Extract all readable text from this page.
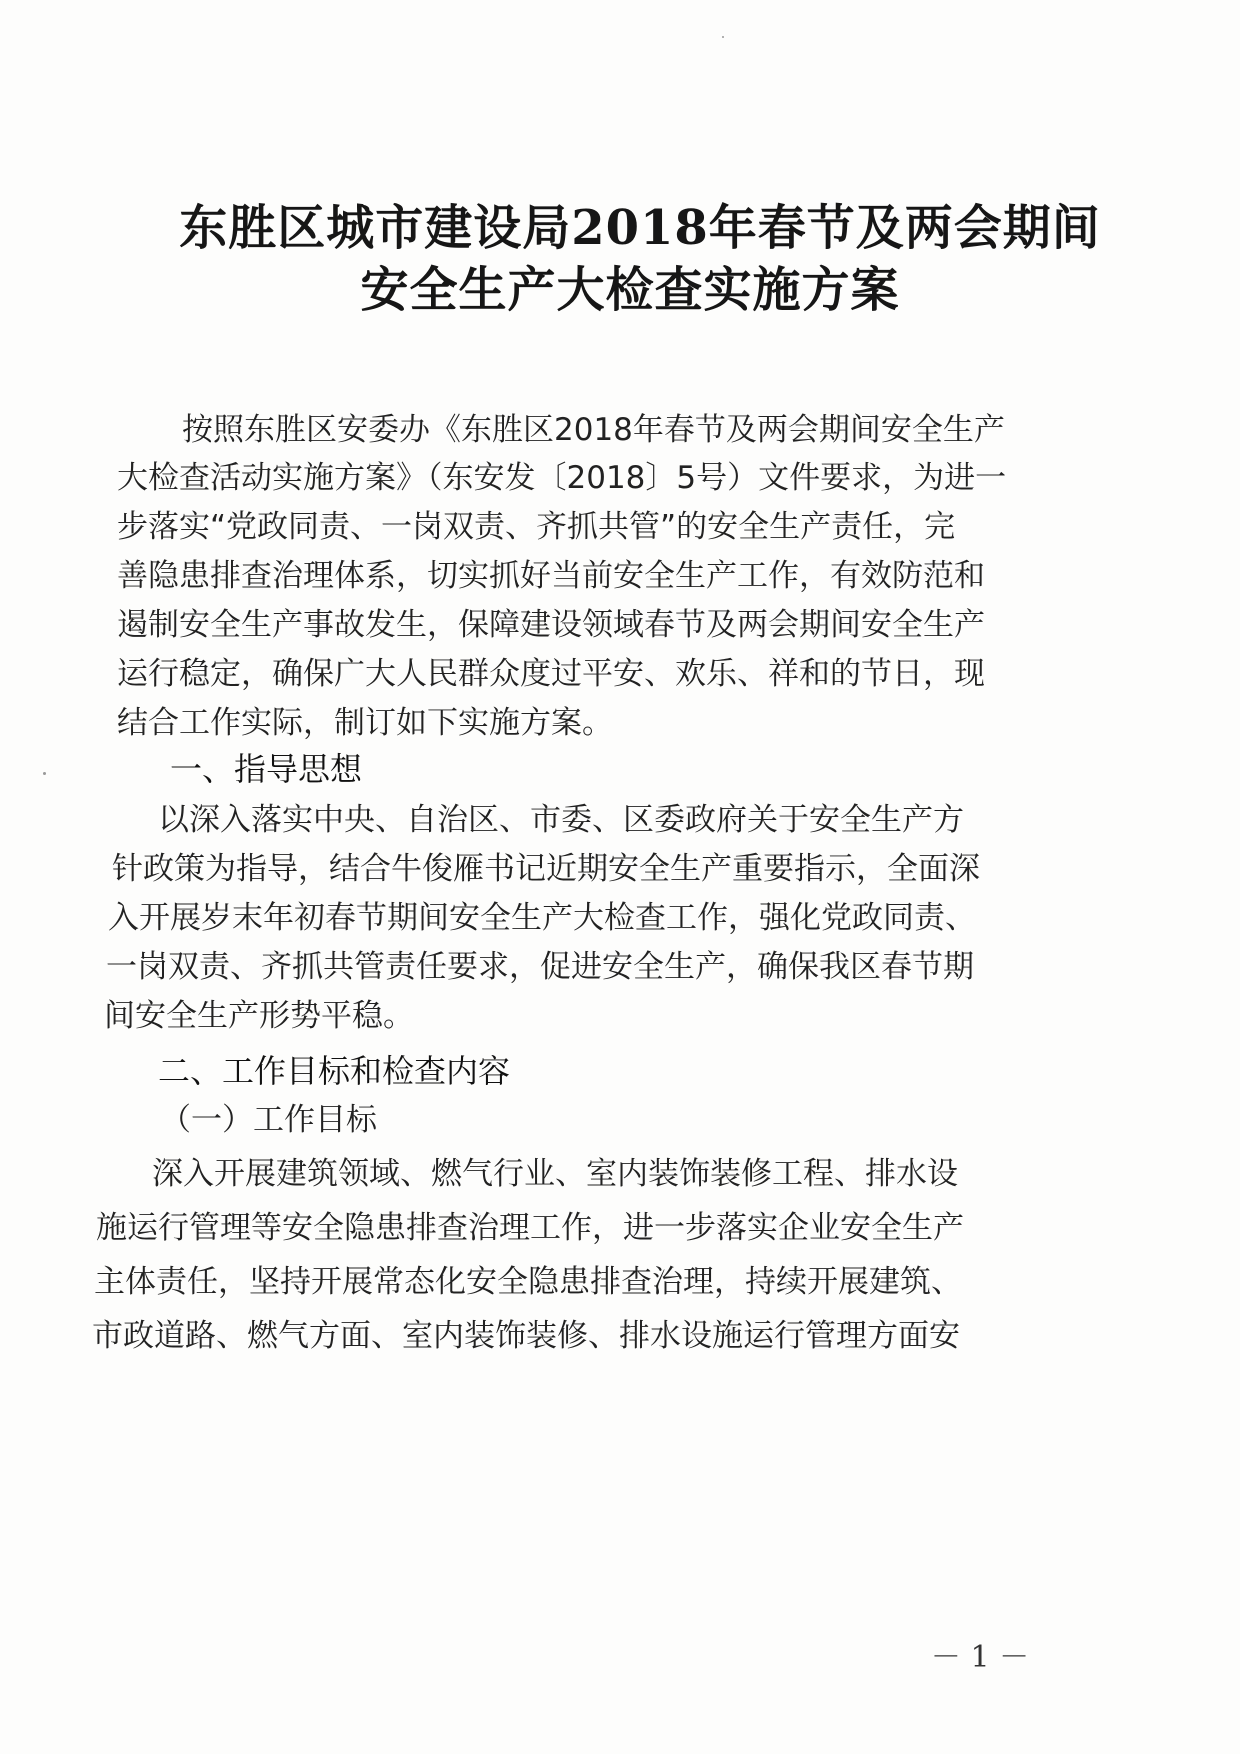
东胜区城市建设局2018年春节及两会期间
安全生产大检查实施方案
按照东胜区安委办《东胜区2018年春节及两会期间安全生产
大检查活动实施方案》（东安发〔2018〕5号）文件要求，为进一
步落实“党政同责、一岗双责、齐抓共管”的安全生产责任，完
善隐患排查治理体系，切实抓好当前安全生产工作，有效防范和
遏制安全生产事故发生，保障建设领域春节及两会期间安全生产
运行稳定，确保广大人民群众度过平安、欢乐、祥和的节日，现
结合工作实际，制订如下实施方案。
一、指导思想
以深入落实中央、自治区、市委、区委政府关于安全生产方
针政策为指导，结合牛俊雁书记近期安全生产重要指示，全面深
入开展岁末年初春节期间安全生产大检查工作，强化党政同责、
一岗双责、齐抓共管责任要求，促进安全生产，确保我区春节期
间安全生产形势平稳。
二、工作目标和检查内容
（一）工作目标
深入开展建筑领域、燃气行业、室内装饰装修工程、排水设
施运行管理等安全隐患排查治理工作，进一步落实企业安全生产
主体责任，坚持开展常态化安全隐患排查治理，持续开展建筑、
市政道路、燃气方面、室内装饰装修、排水设施运行管理方面安
－ 1 －
